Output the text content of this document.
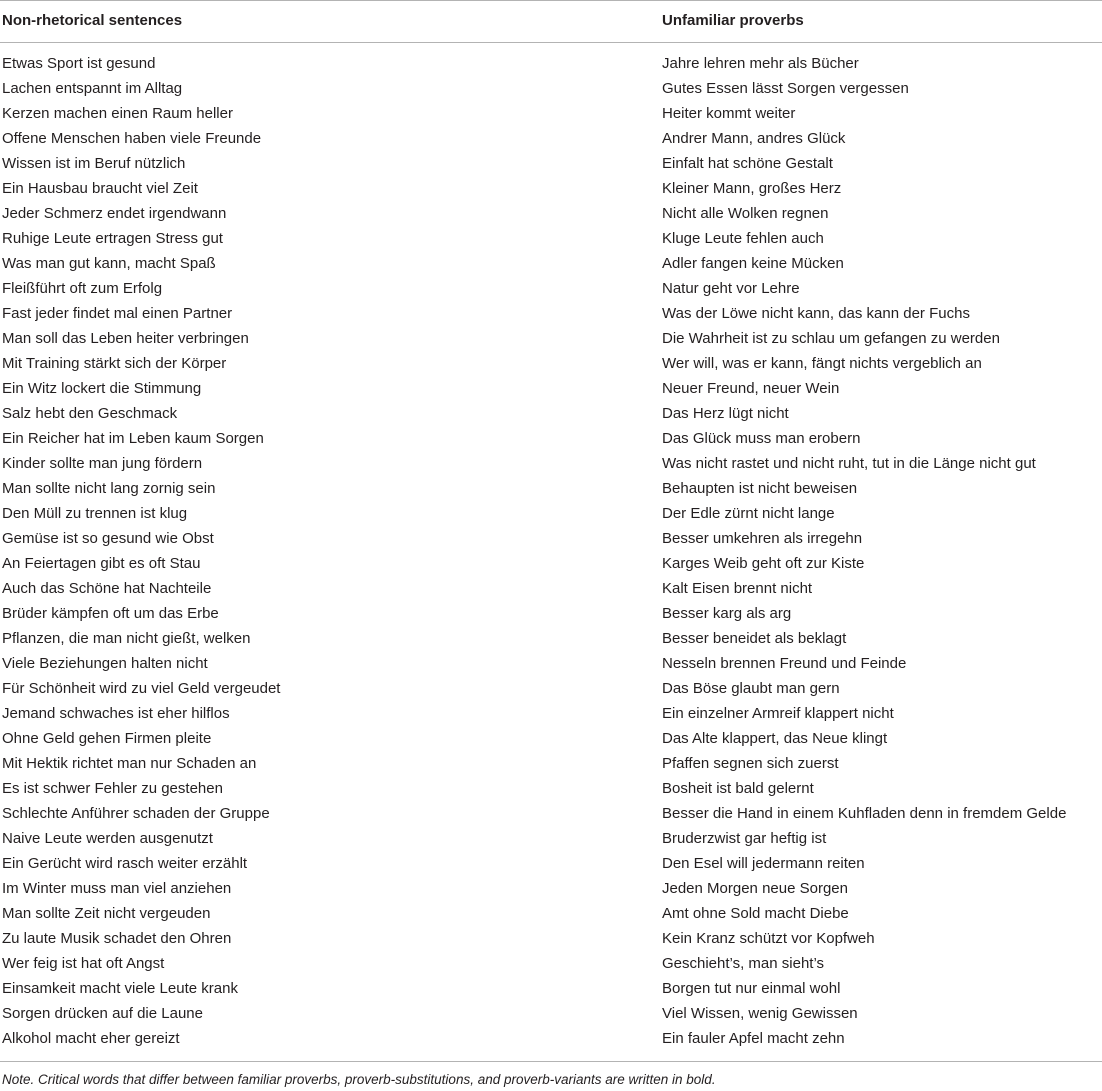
Non-rhetorical sentences	Unfamiliar proverbs
Etwas Sport ist gesund	Jahre lehren mehr als Bücher
Lachen entspannt im Alltag	Gutes Essen lässt Sorgen vergessen
Kerzen machen einen Raum heller	Heiter kommt weiter
Offene Menschen haben viele Freunde	Andrer Mann, andres Glück
Wissen ist im Beruf nützlich	Einfalt hat schöne Gestalt
Ein Hausbau braucht viel Zeit	Kleiner Mann, großes Herz
Jeder Schmerz endet irgendwann	Nicht alle Wolken regnen
Ruhige Leute ertragen Stress gut	Kluge Leute fehlen auch
Was man gut kann, macht Spaß	Adler fangen keine Mücken
Fleißführt oft zum Erfolg	Natur geht vor Lehre
Fast jeder findet mal einen Partner	Was der Löwe nicht kann, das kann der Fuchs
Man soll das Leben heiter verbringen	Die Wahrheit ist zu schlau um gefangen zu werden
Mit Training stärkt sich der Körper	Wer will, was er kann, fängt nichts vergeblich an
Ein Witz lockert die Stimmung	Neuer Freund, neuer Wein
Salz hebt den Geschmack	Das Herz lügt nicht
Ein Reicher hat im Leben kaum Sorgen	Das Glück muss man erobern
Kinder sollte man jung fördern	Was nicht rastet und nicht ruht, tut in die Länge nicht gut
Man sollte nicht lang zornig sein	Behaupten ist nicht beweisen
Den Müll zu trennen ist klug	Der Edle zürnt nicht lange
Gemüse ist so gesund wie Obst	Besser umkehren als irregehn
An Feiertagen gibt es oft Stau	Karges Weib geht oft zur Kiste
Auch das Schöne hat Nachteile	Kalt Eisen brennt nicht
Brüder kämpfen oft um das Erbe	Besser karg als arg
Pflanzen, die man nicht gießt, welken	Besser beneidet als beklagt
Viele Beziehungen halten nicht	Nesseln brennen Freund und Feinde
Für Schönheit wird zu viel Geld vergeudet	Das Böse glaubt man gern
Jemand schwaches ist eher hilflos	Ein einzelner Armreif klappert nicht
Ohne Geld gehen Firmen pleite	Das Alte klappert, das Neue klingt
Mit Hektik richtet man nur Schaden an	Pfaffen segnen sich zuerst
Es ist schwer Fehler zu gestehen	Bosheit ist bald gelernt
Schlechte Anführer schaden der Gruppe	Besser die Hand in einem Kuhfladen denn in fremdem Gelde
Naive Leute werden ausgenutzt	Bruderzwist gar heftig ist
Ein Gerücht wird rasch weiter erzählt	Den Esel will jedermann reiten
Im Winter muss man viel anziehen	Jeden Morgen neue Sorgen
Man sollte Zeit nicht vergeuden	Amt ohne Sold macht Diebe
Zu laute Musik schadet den Ohren	Kein Kranz schützt vor Kopfweh
Wer feig ist hat oft Angst	Geschieht’s, man sieht’s
Einsamkeit macht viele Leute krank	Borgen tut nur einmal wohl
Sorgen drücken auf die Laune	Viel Wissen, wenig Gewissen
Alkohol macht eher gereizt	Ein fauler Apfel macht zehn
Note. Critical words that differ between familiar proverbs, proverb-substitutions, and proverb-variants are written in bold.
